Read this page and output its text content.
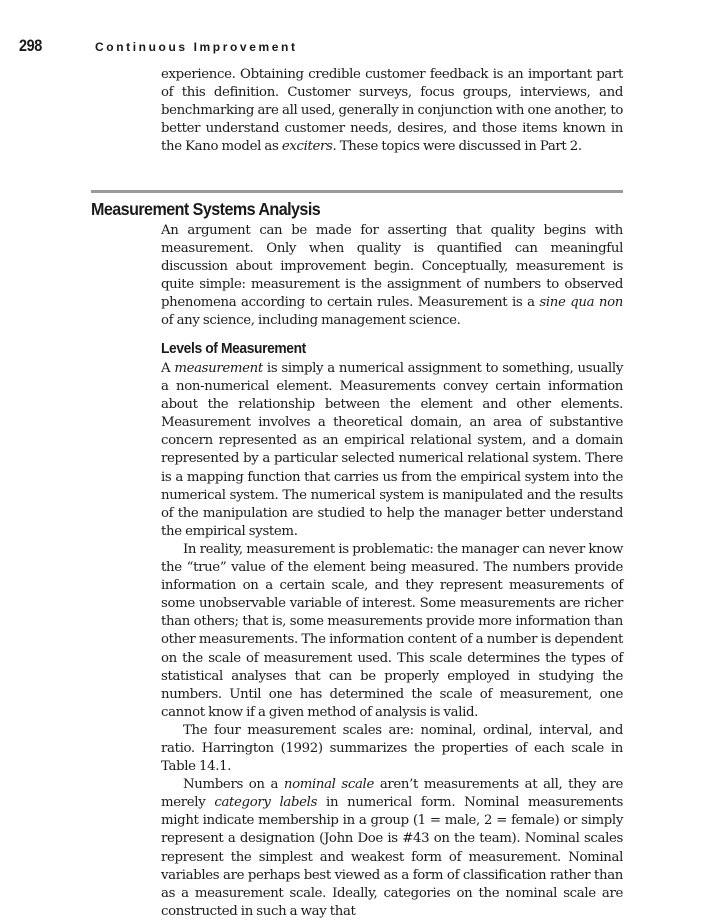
298	Continuous Improvement

experience. Obtaining credible customer feedback is an important part of this definition. Customer surveys, focus groups, interviews, and benchmarking are all used, generally in conjunction with one another, to better understand customer needs, desires, and those items known in the Kano model as exciters. These topics were discussed in Part 2.

Measurement Systems Analysis

An argument can be made for asserting that quality begins with measurement. Only when quality is quantified can meaningful discussion about improvement begin. Conceptually, measurement is quite simple: measurement is the assignment of numbers to observed phenomena according to certain rules. Measurement is a sine qua non of any science, including management science.

Levels of Measurement

A measurement is simply a numerical assignment to something, usually a non-numerical element. Measurements convey certain information about the relationship between the element and other elements. Measurement involves a theoretical domain, an area of substantive concern represented as an empirical relational system, and a domain represented by a particular selected numerical relational system. There is a mapping function that carries us from the empirical system into the numerical system. The numerical system is manipulated and the results of the manipulation are studied to help the manager better understand the empirical system.

In reality, measurement is problematic: the manager can never know the “true” value of the element being measured. The numbers provide information on a certain scale, and they represent measurements of some unobservable variable of interest. Some measurements are richer than others; that is, some measurements provide more information than other measurements. The information content of a number is dependent on the scale of measurement used. This scale determines the types of statistical analyses that can be properly employed in studying the numbers. Until one has determined the scale of measurement, one cannot know if a given method of analysis is valid.

The four measurement scales are: nominal, ordinal, interval, and ratio. Harrington (1992) summarizes the properties of each scale in Table 14.1.

Numbers on a nominal scale aren’t measurements at all, they are merely category labels in numerical form. Nominal measurements might indicate membership in a group (1 = male, 2 = female) or simply represent a designation (John Doe is #43 on the team). Nominal scales represent the simplest and weakest form of measurement. Nominal variables are perhaps best viewed as a form of classification rather than as a measurement scale. Ideally, categories on the nominal scale are constructed in such a way that
